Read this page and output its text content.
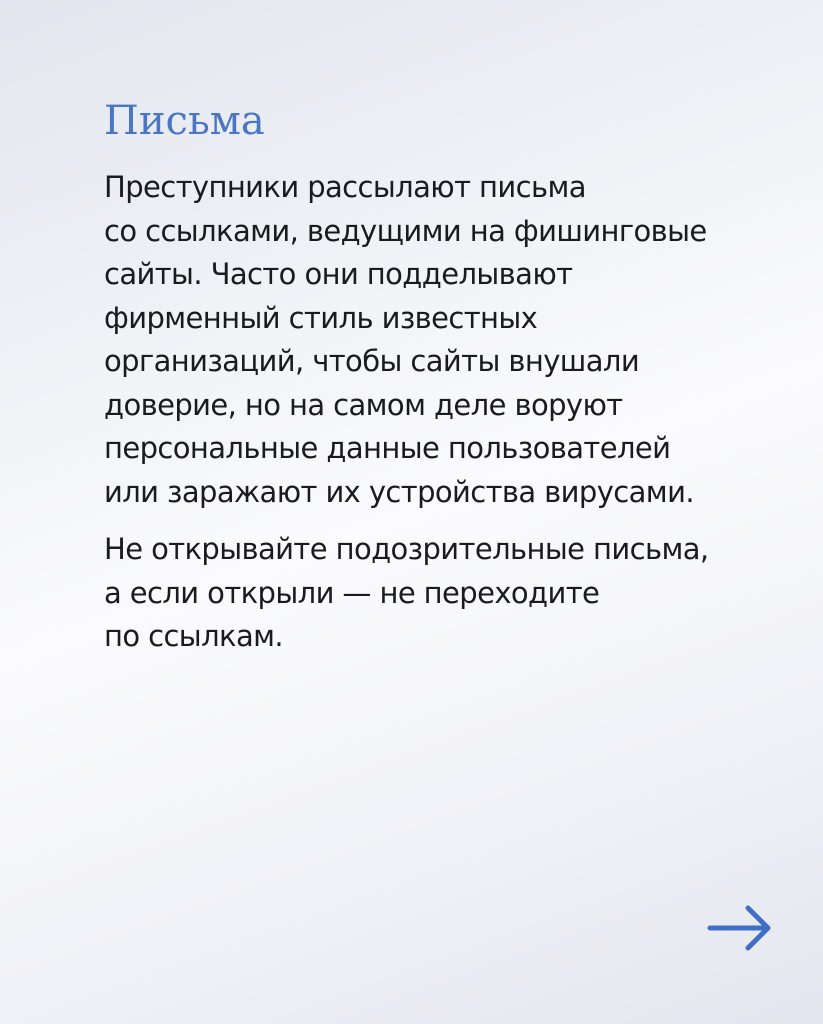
Письма

Преступники рассылают письма
со ссылками, ведущими на фишинговые
сайты. Часто они подделывают
фирменный стиль известных
организаций, чтобы сайты внушали
доверие, но на самом деле воруют
персональные данные пользователей
или заражают их устройства вирусами.

Не открывайте подозрительные письма,
а если открыли — не переходите
по ссылкам.
